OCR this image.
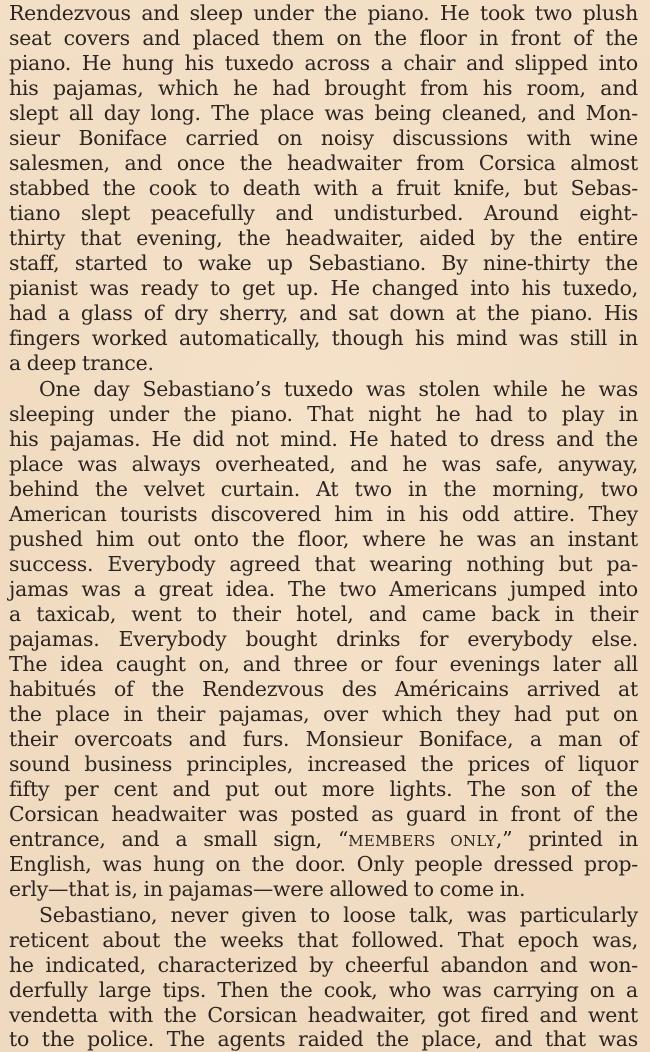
Rendezvous and sleep under the piano. He took two plush
seat covers and placed them on the floor in front of the
piano. He hung his tuxedo across a chair and slipped into
his pajamas, which he had brought from his room, and
slept all day long. The place was being cleaned, and Mon-
sieur Boniface carried on noisy discussions with wine
salesmen, and once the headwaiter from Corsica almost
stabbed the cook to death with a fruit knife, but Sebas-
tiano slept peacefully and undisturbed. Around eight-
thirty that evening, the headwaiter, aided by the entire
staff, started to wake up Sebastiano. By nine-thirty the
pianist was ready to get up. He changed into his tuxedo,
had a glass of dry sherry, and sat down at the piano. His
fingers worked automatically, though his mind was still in
a deep trance.
One day Sebastiano’s tuxedo was stolen while he was
sleeping under the piano. That night he had to play in
his pajamas. He did not mind. He hated to dress and the
place was always overheated, and he was safe, anyway,
behind the velvet curtain. At two in the morning, two
American tourists discovered him in his odd attire. They
pushed him out onto the floor, where he was an instant
success. Everybody agreed that wearing nothing but pa-
jamas was a great idea. The two Americans jumped into
a taxicab, went to their hotel, and came back in their
pajamas. Everybody bought drinks for everybody else.
The idea caught on, and three or four evenings later all
habitués of the Rendezvous des Américains arrived at
the place in their pajamas, over which they had put on
their overcoats and furs. Monsieur Boniface, a man of
sound business principles, increased the prices of liquor
fifty per cent and put out more lights. The son of the
Corsican headwaiter was posted as guard in front of the
entrance, and a small sign, “MEMBERS ONLY,” printed in
English, was hung on the door. Only people dressed prop-
erly—that is, in pajamas—were allowed to come in.
Sebastiano, never given to loose talk, was particularly
reticent about the weeks that followed. That epoch was,
he indicated, characterized by cheerful abandon and won-
derfully large tips. Then the cook, who was carrying on a
vendetta with the Corsican headwaiter, got fired and went
to the police. The agents raided the place, and that was
